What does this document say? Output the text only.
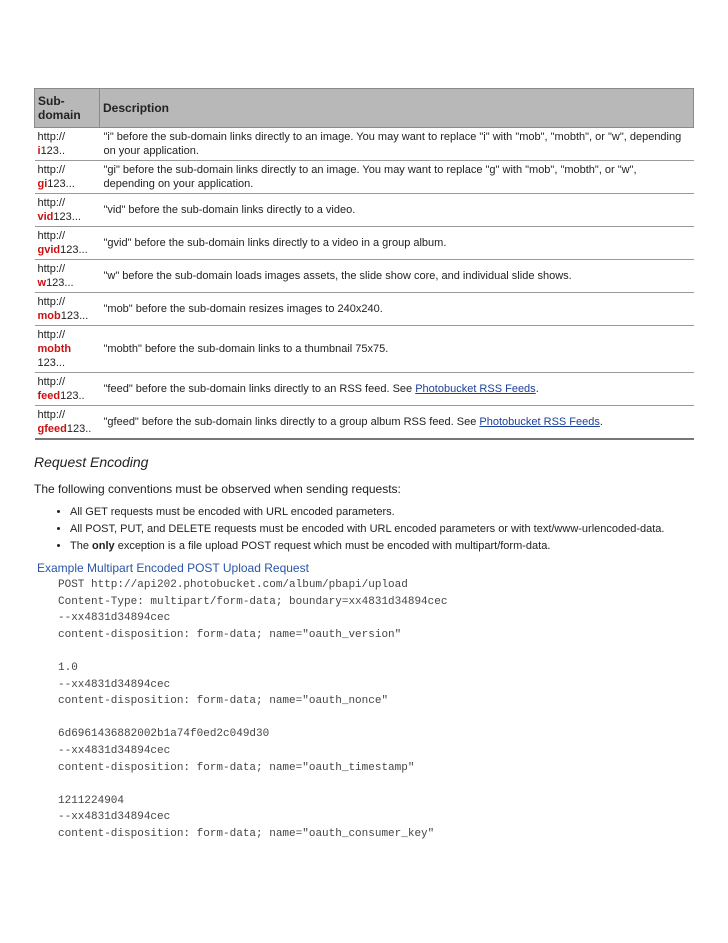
Sub-
domain	Description
http://
i123..	"i" before the sub-domain links directly to an image. You may want to replace "i" with "mob", "mobth", or "w", depending on your application.
http://
gi123...	"gi" before the sub-domain links directly to an image. You may want to replace "g" with "mob", "mobth", or "w", depending on your application.
http://
vid123...	"vid" before the sub-domain links directly to a video.
http://
gvid123...	"gvid" before the sub-domain links directly to a video in a group album.
http://
w123...	"w" before the sub-domain loads images assets, the slide show core, and individual slide shows.
http://
mob123...	"mob" before the sub-domain resizes images to 240x240.
http://
mobth
123...	"mobth" before the sub-domain links to a thumbnail 75x75.
http://
feed123..	"feed" before the sub-domain links directly to an RSS feed. See Photobucket RSS Feeds.
http://
gfeed123..	"gfeed" before the sub-domain links directly to a group album RSS feed. See Photobucket RSS Feeds.
Request Encoding

The following conventions must be observed when sending requests:

• All GET requests must be encoded with URL encoded parameters.
• All POST, PUT, and DELETE requests must be encoded with URL encoded parameters or with text/www-urlencoded-data.
• The only exception is a file upload POST request which must be encoded with multipart/form-data.
Example Multipart Encoded POST Upload Request
POST http://api202.photobucket.com/album/pbapi/upload
Content-Type: multipart/form-data; boundary=xx4831d34894cec
--xx4831d34894cec
content-disposition: form-data; name="oauth_version"

1.0
--xx4831d34894cec
content-disposition: form-data; name="oauth_nonce"

6d6961436882002b1a74f0ed2c049d30
--xx4831d34894cec
content-disposition: form-data; name="oauth_timestamp"

1211224904
--xx4831d34894cec
content-disposition: form-data; name="oauth_consumer_key"
